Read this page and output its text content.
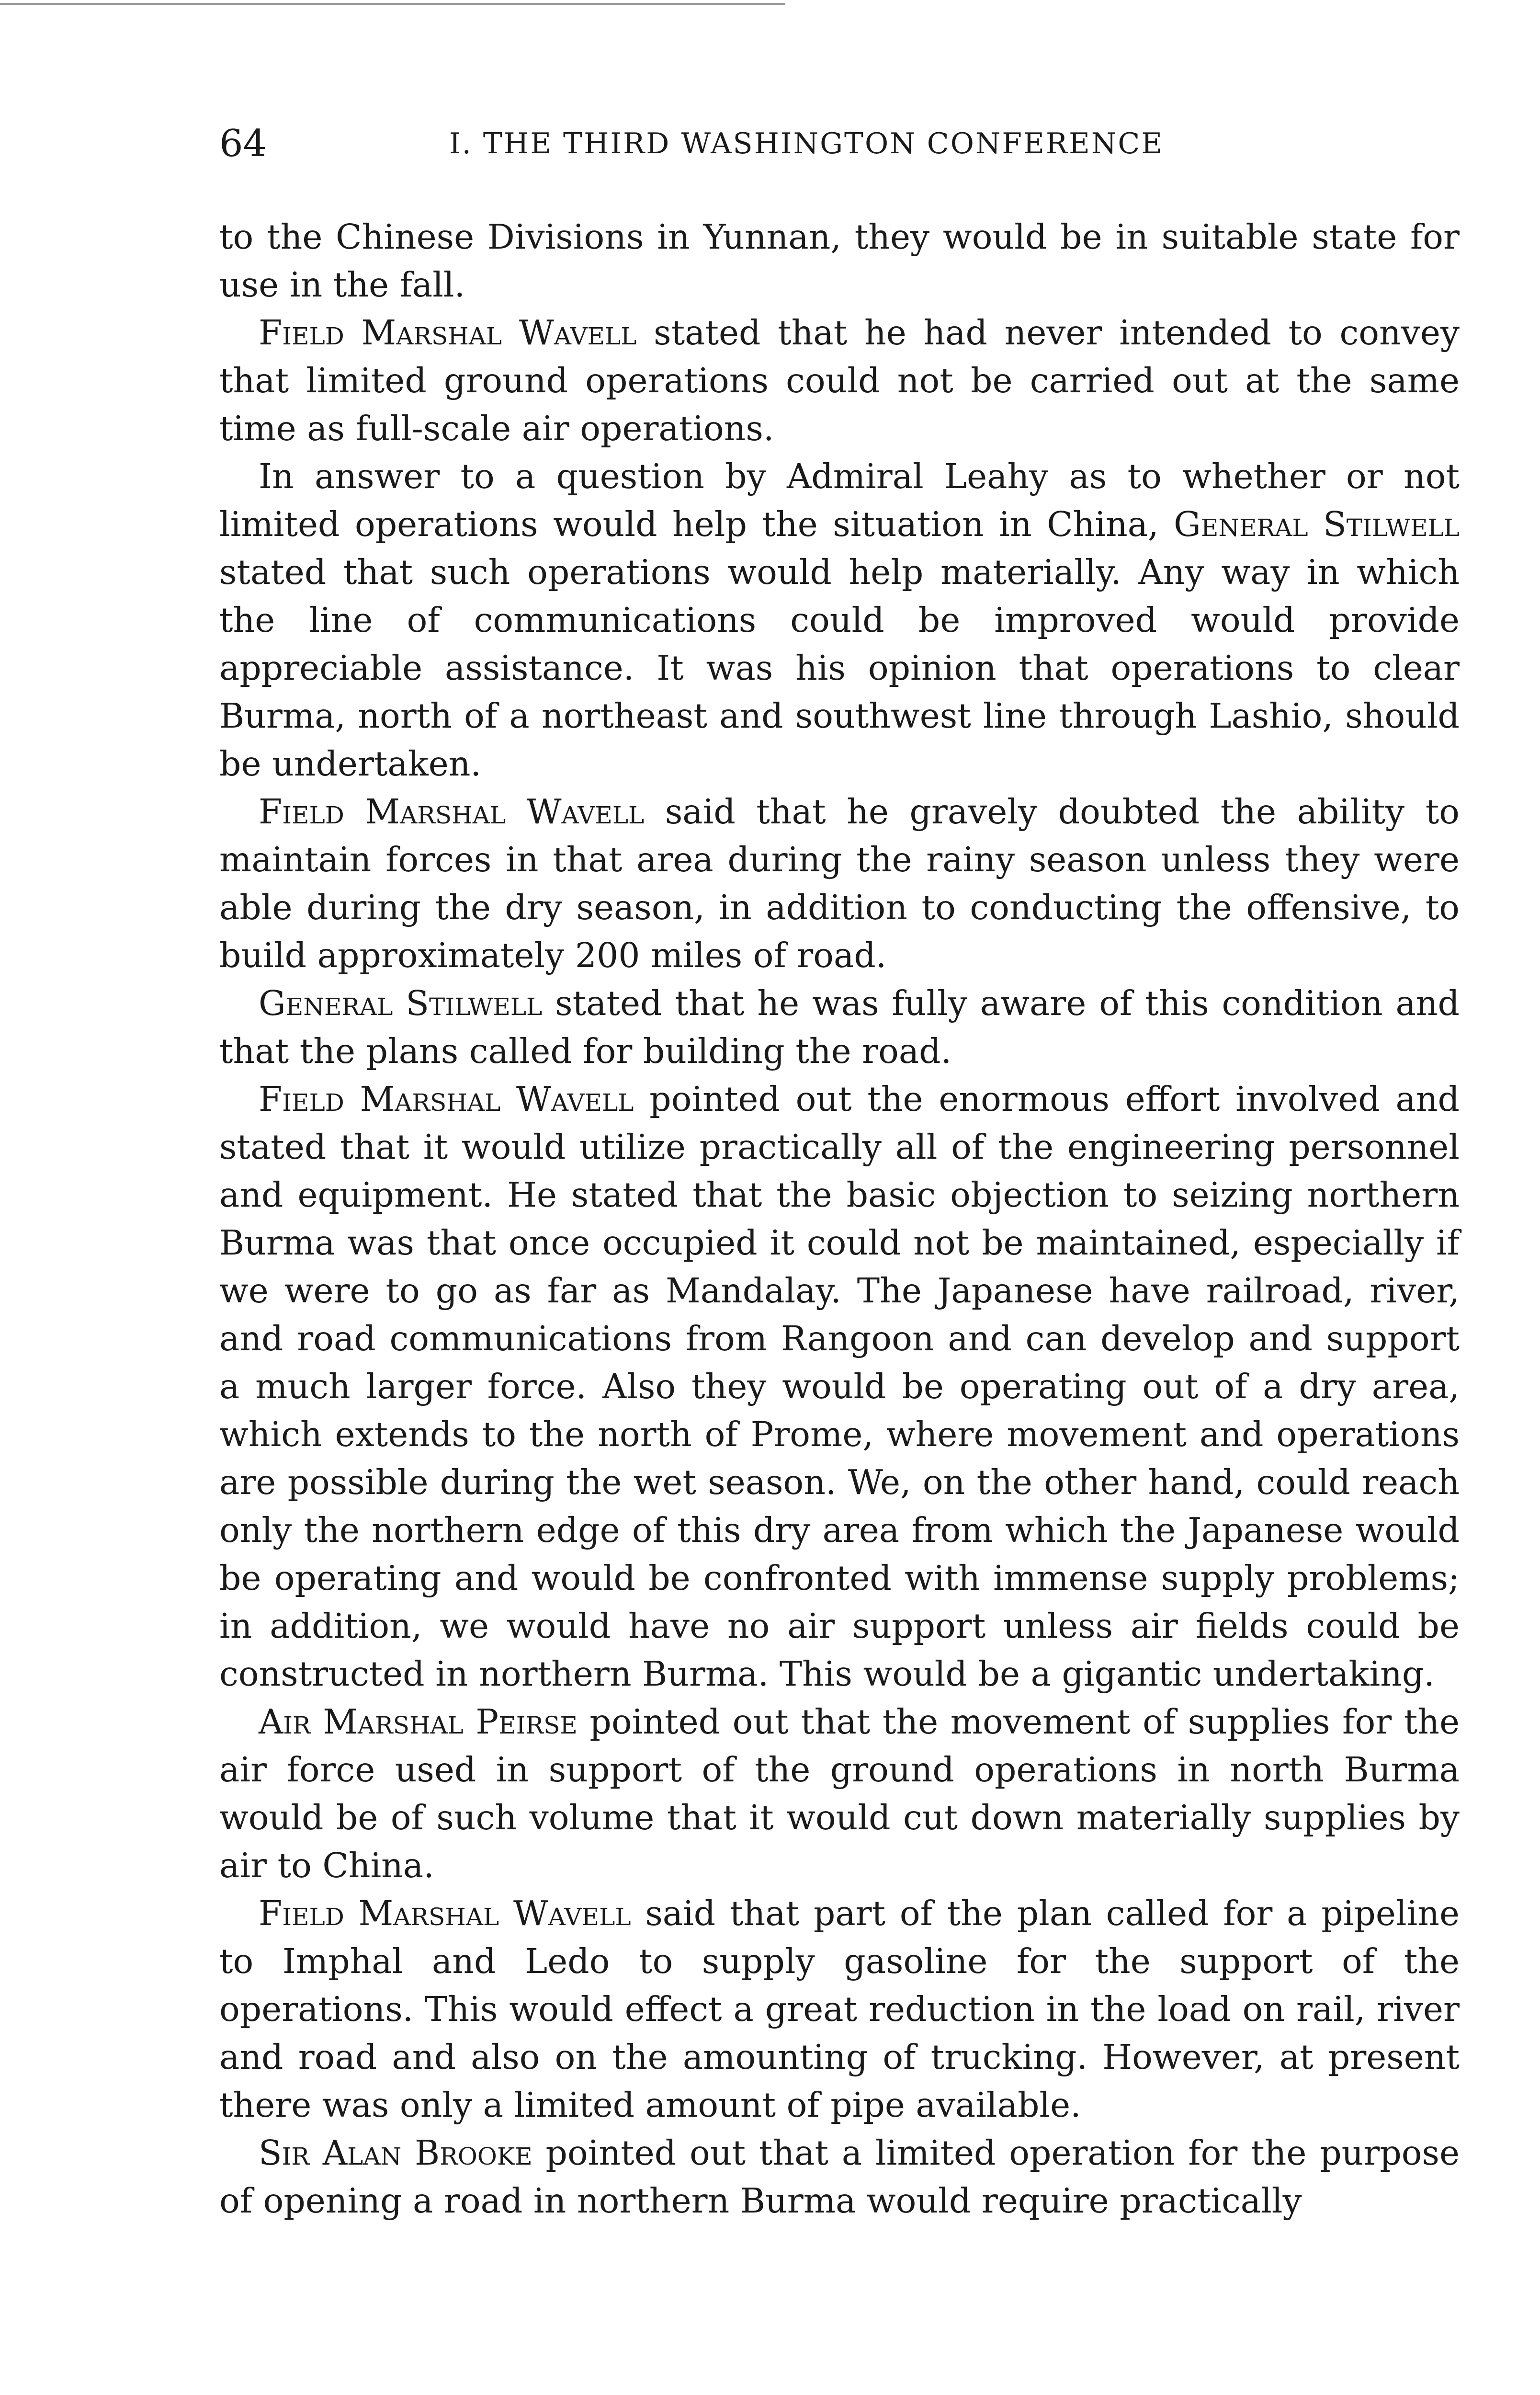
64	I. THE THIRD WASHINGTON CONFERENCE

to the Chinese Divisions in Yunnan, they would be in suitable state for use in the fall.

Field Marshal Wavell stated that he had never intended to convey that limited ground operations could not be carried out at the same time as full-scale air operations.

In answer to a question by Admiral Leahy as to whether or not limited operations would help the situation in China, General Stilwell stated that such operations would help materially. Any way in which the line of communications could be improved would provide appreciable assistance. It was his opinion that operations to clear Burma, north of a northeast and southwest line through Lashio, should be undertaken.

Field Marshal Wavell said that he gravely doubted the ability to maintain forces in that area during the rainy season unless they were able during the dry season, in addition to conducting the offensive, to build approximately 200 miles of road.

General Stilwell stated that he was fully aware of this condition and that the plans called for building the road.

Field Marshal Wavell pointed out the enormous effort involved and stated that it would utilize practically all of the engineering personnel and equipment. He stated that the basic objection to seizing northern Burma was that once occupied it could not be maintained, especially if we were to go as far as Mandalay. The Japanese have railroad, river, and road communications from Rangoon and can develop and support a much larger force. Also they would be operating out of a dry area, which extends to the north of Prome, where movement and operations are possible during the wet season. We, on the other hand, could reach only the northern edge of this dry area from which the Japanese would be operating and would be confronted with immense supply problems; in addition, we would have no air support unless air fields could be constructed in northern Burma. This would be a gigantic undertaking.

Air Marshal Peirse pointed out that the movement of supplies for the air force used in support of the ground operations in north Burma would be of such volume that it would cut down materially supplies by air to China.

Field Marshal Wavell said that part of the plan called for a pipeline to Imphal and Ledo to supply gasoline for the support of the operations. This would effect a great reduction in the load on rail, river and road and also on the amounting of trucking. However, at present there was only a limited amount of pipe available.

Sir Alan Brooke pointed out that a limited operation for the purpose of opening a road in northern Burma would require practically
